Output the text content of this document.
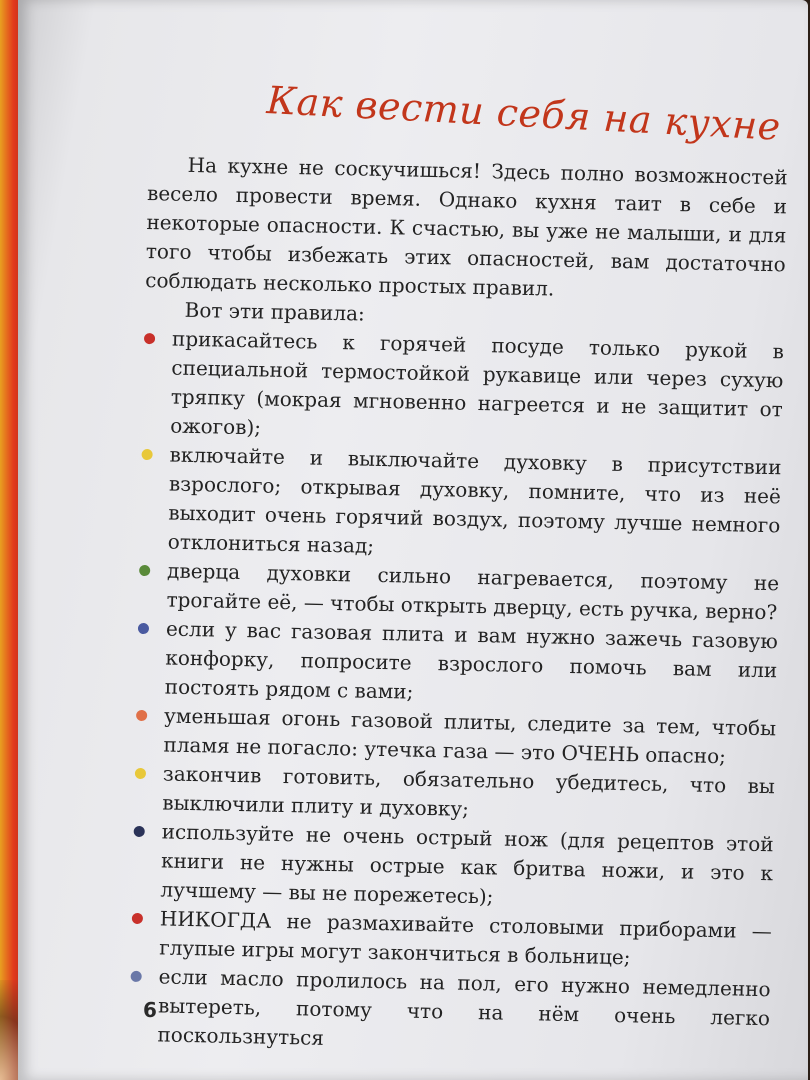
Как вести себя на кухне

На кухне не соскучишься! Здесь полно возможностей весело провести время. Однако кухня таит в себе и некоторые опасности. К счастью, вы уже не малыши, и для того чтобы избежать этих опасностей, вам достаточно соблюдать несколько простых правил.

Вот эти правила:

прикасайтесь к горячей посуде только рукой в специальной термостойкой рукавице или через сухую тряпку (мокрая мгновенно нагреется и не защитит от ожогов);
включайте и выключайте духовку в присутствии взрослого; открывая духовку, помните, что из неё выходит очень горячий воздух, поэтому лучше немного отклониться назад;
дверца духовки сильно нагревается, поэтому не трогайте её, — чтобы открыть дверцу, есть ручка, верно?
если у вас газовая плита и вам нужно зажечь газовую конфорку, попросите взрослого помочь вам или постоять рядом с вами;
уменьшая огонь газовой плиты, следите за тем, чтобы пламя не погасло: утечка газа — это ОЧЕНЬ опасно;
закончив готовить, обязательно убедитесь, что вы выключили плиту и духовку;
используйте не очень острый нож (для рецептов этой книги не нужны острые как бритва ножи, и это к лучшему — вы не порежетесь);
НИКОГДА не размахивайте столовыми приборами — глупые игры могут закончиться в больнице;
если масло пролилось на пол, его нужно немедленно вытереть, потому что на нём очень легко поскользнуться
6
